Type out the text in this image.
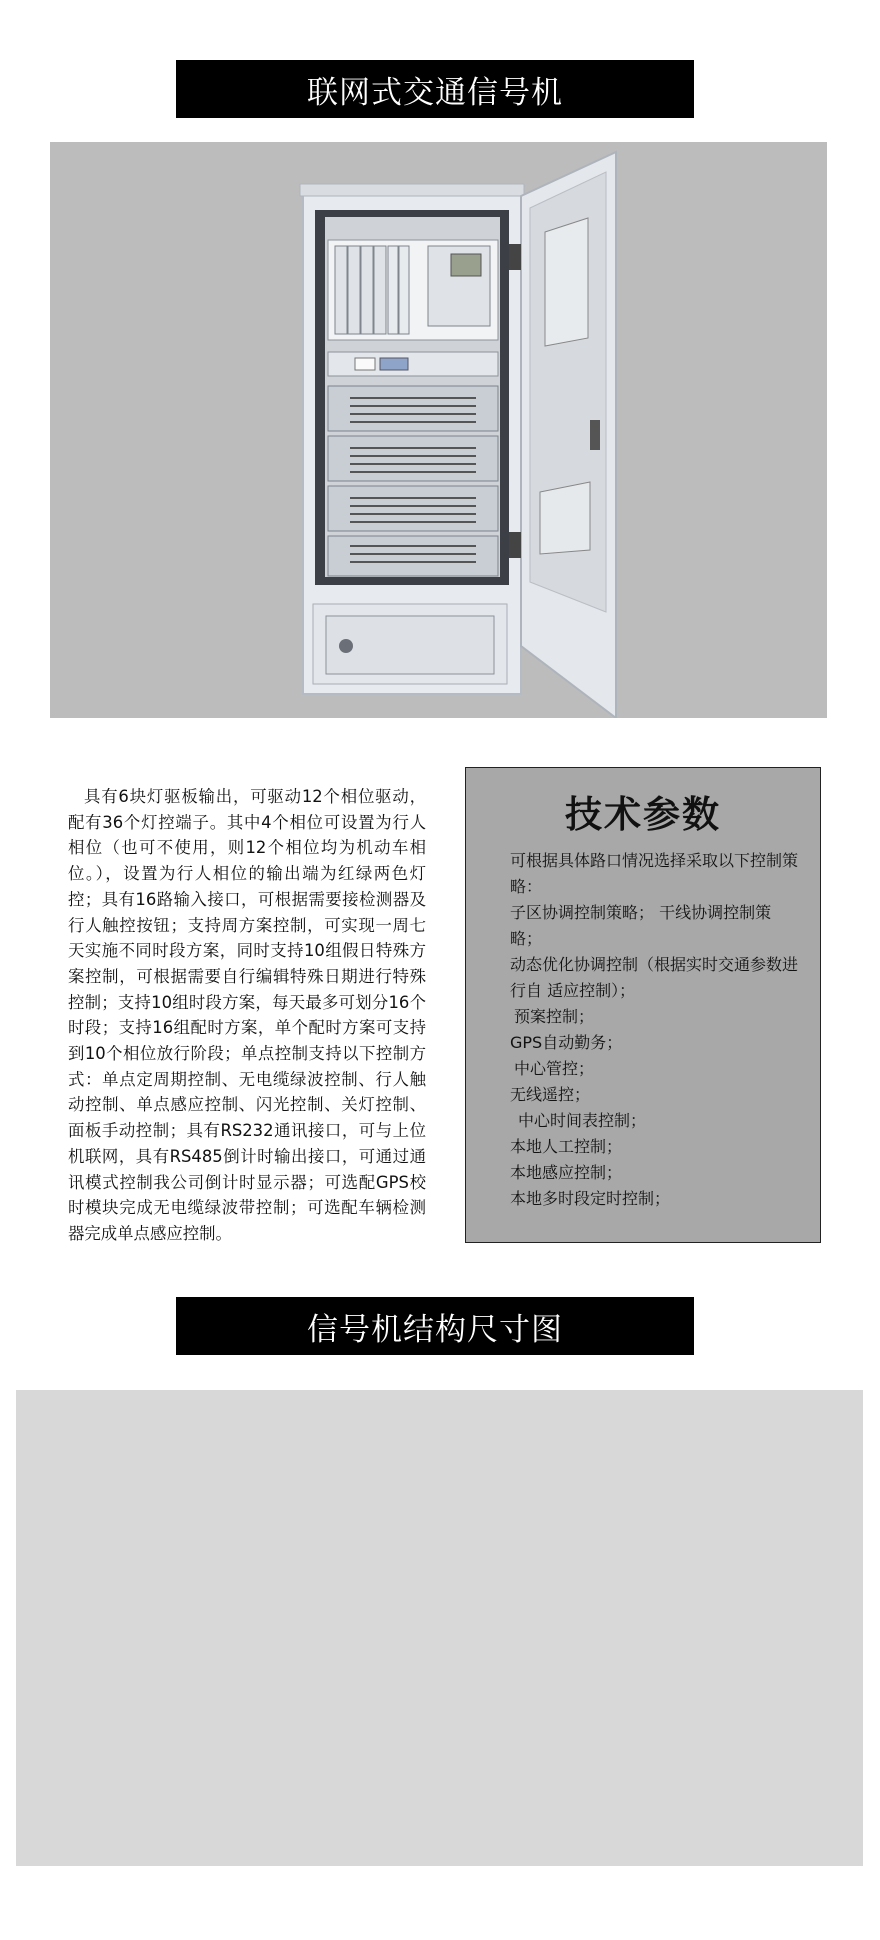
联网式交通信号机
具有6块灯驱板输出，可驱动12个相位驱动，配有36个灯控端子。其中4个相位可设置为行人相位（也可不使用，则12个相位均为机动车相位。），设置为行人相位的输出端为红绿两色灯控；具有16路输入接口，可根据需要接检测器及行人触控按钮；支持周方案控制，可实现一周七天实施不同时段方案，同时支持10组假日特殊方案控制，可根据需要自行编辑特殊日期进行特殊控制；支持10组时段方案，每天最多可划分16个时段；支持16组配时方案，单个配时方案可支持到10个相位放行阶段；单点控制支持以下控制方式：单点定周期控制、无电缆绿波控制、行人触动控制、单点感应控制、闪光控制、关灯控制、面板手动控制；具有RS232通讯接口，可与上位机联网，具有RS485倒计时输出接口，可通过通讯模式控制我公司倒计时显示器；可选配GPS校时模块完成无电缆绿波带控制；可选配车辆检测器完成单点感应控制。
技术参数
可根据具体路口情况选择采取以下控制策略：
子区协调控制策略； 干线协调控制策略；
动态优化协调控制（根据实时交通参数进行自 适应控制）；
预案控制；
GPS自动勤务；
中心管控；
无线遥控；
中心时间表控制；
本地人工控制；
本地感应控制；
本地多时段定时控制；
信号机结构尺寸图
